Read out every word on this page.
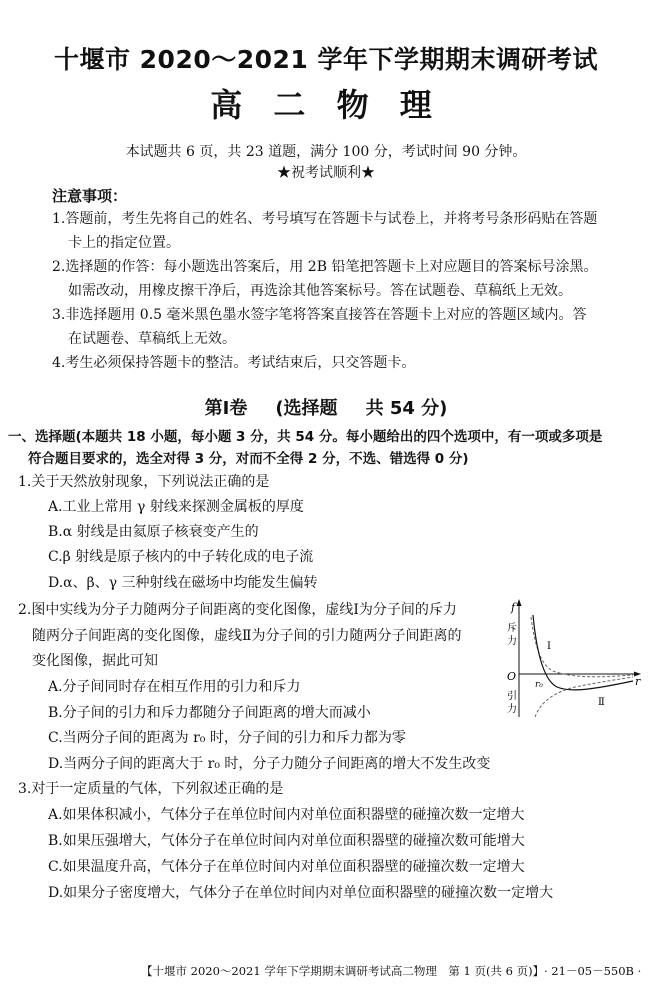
十堰市 2020～2021 学年下学期期末调研考试
高 二 物 理
本试题共 6 页，共 23 道题，满分 100 分，考试时间 90 分钟。
★祝考试顺利★
注意事项：
1.答题前，考生先将自己的姓名、考号填写在答题卡与试卷上，并将考号条形码贴在答题
卡上的指定位置。
2.选择题的作答：每小题选出答案后，用 2B 铅笔把答题卡上对应题目的答案标号涂黑。
如需改动，用橡皮擦干净后，再选涂其他答案标号。答在试题卷、草稿纸上无效。
3.非选择题用 0.5 毫米黑色墨水签字笔将答案直接答在答题卡上对应的答题区域内。答
在试题卷、草稿纸上无效。
4.考生必须保持答题卡的整洁。考试结束后，只交答题卡。
第Ⅰ卷 (选择题 共 54 分)
一、选择题(本题共 18 小题，每小题 3 分，共 54 分。每小题给出的四个选项中，有一项或多项是
符合题目要求的，选全对得 3 分，对而不全得 2 分，不选、错选得 0 分)
1.关于天然放射现象，下列说法正确的是
A.工业上常用 γ 射线来探测金属板的厚度
B.α 射线是由氦原子核衰变产生的
C.β 射线是原子核内的中子转化成的电子流
D.α、β、γ 三种射线在磁场中均能发生偏转
2.图中实线为分子力随两分子间距离的变化图像，虚线Ⅰ为分子间的斥力
随两分子间距离的变化图像，虚线Ⅱ为分子间的引力随两分子间距离的
变化图像，据此可知
A.分子间同时存在相互作用的引力和斥力
B.分子间的引力和斥力都随分子间距离的增大而减小
C.当两分子间的距离为 r₀ 时，分子间的引力和斥力都为零
D.当两分子间的距离大于 r₀ 时，分子力随分子间距离的增大不发生改变
f
r
O
斥
力
引
力
Ⅰ
Ⅱ
r₀
3.对于一定质量的气体，下列叙述正确的是
A.如果体积减小，气体分子在单位时间内对单位面积器壁的碰撞次数一定增大
B.如果压强增大，气体分子在单位时间内对单位面积器壁的碰撞次数可能增大
C.如果温度升高，气体分子在单位时间内对单位面积器壁的碰撞次数一定增大
D.如果分子密度增大，气体分子在单位时间内对单位面积器壁的碰撞次数一定增大
【十堰市 2020～2021 学年下学期期末调研考试高二物理　第 1 页(共 6 页)】 · 21－05－550B ·
